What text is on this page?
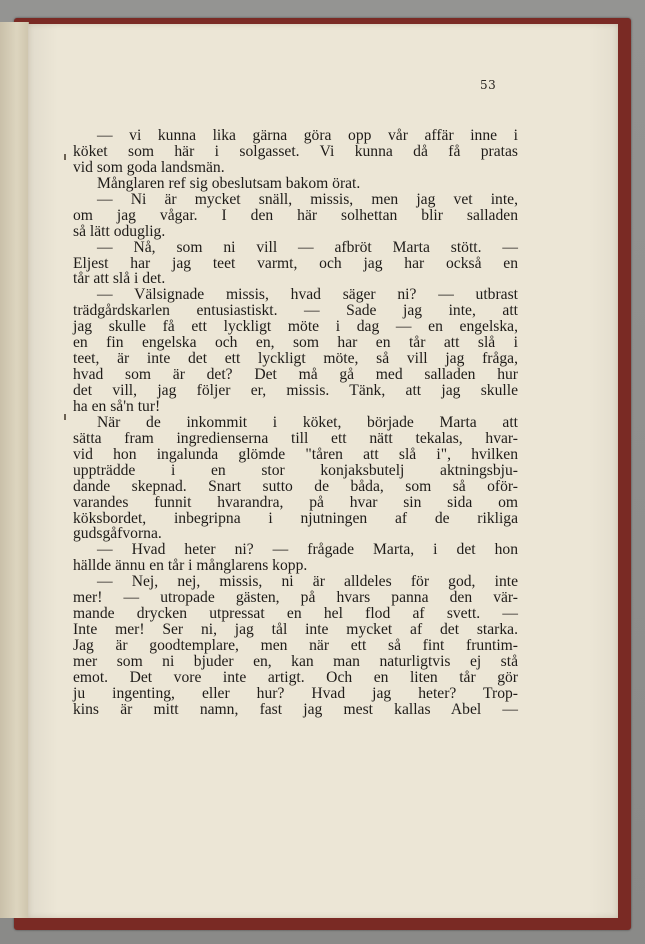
53
— vi kunna lika gärna göra opp vår affär inne i
köket som här i solgasset. Vi kunna då få pratas
vid som goda landsmän.
Månglaren ref sig obeslutsam bakom örat.
— Ni är mycket snäll, missis, men jag vet inte,
om jag vågar. I den här solhettan blir salladen
så lätt oduglig.
— Nå, som ni vill — afbröt Marta stött. —
Eljest har jag teet varmt, och jag har också en
tår att slå i det.
— Välsignade missis, hvad säger ni? — utbrast
trädgårdskarlen entusiastiskt. — Sade jag inte, att
jag skulle få ett lyckligt möte i dag — en engelska,
en fin engelska och en, som har en tår att slå i
teet, är inte det ett lyckligt möte, så vill jag fråga,
hvad som är det? Det må gå med salladen hur
det vill, jag följer er, missis. Tänk, att jag skulle
ha en så'n tur!
När de inkommit i köket, började Marta att
sätta fram ingredienserna till ett nätt tekalas, hvar-
vid hon ingalunda glömde "tåren att slå i", hvilken
uppträdde i en stor konjaksbutelj aktningsbju-
dande skepnad. Snart sutto de båda, som så oför-
varandes funnit hvarandra, på hvar sin sida om
köksbordet, inbegripna i njutningen af de rikliga
gudsgåfvorna.
— Hvad heter ni? — frågade Marta, i det hon
hällde ännu en tår i månglarens kopp.
— Nej, nej, missis, ni är alldeles för god, inte
mer! — utropade gästen, på hvars panna den vär-
mande drycken utpressat en hel flod af svett. —
Inte mer! Ser ni, jag tål inte mycket af det starka.
Jag är goodtemplare, men när ett så fint fruntim-
mer som ni bjuder en, kan man naturligtvis ej stå
emot. Det vore inte artigt. Och en liten tår gör
ju ingenting, eller hur? Hvad jag heter? Trop-
kins är mitt namn, fast jag mest kallas Abel —
